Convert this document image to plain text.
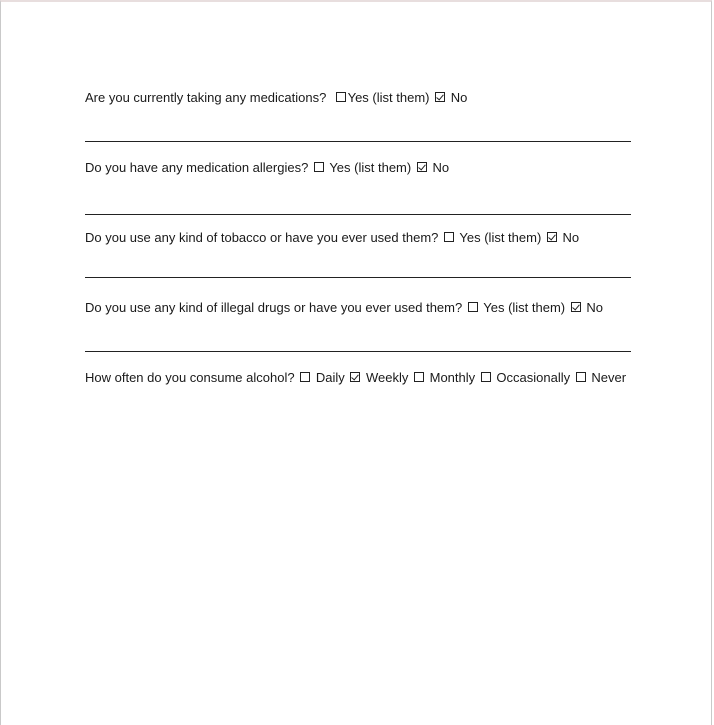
Are you currently taking any medications? Yes (list them) No
Do you have any medication allergies? Yes (list them) No
Do you use any kind of tobacco or have you ever used them? Yes (list them) No
Do you use any kind of illegal drugs or have you ever used them? Yes (list them) No
How often do you consume alcohol? Daily Weekly Monthly Occasionally Never
